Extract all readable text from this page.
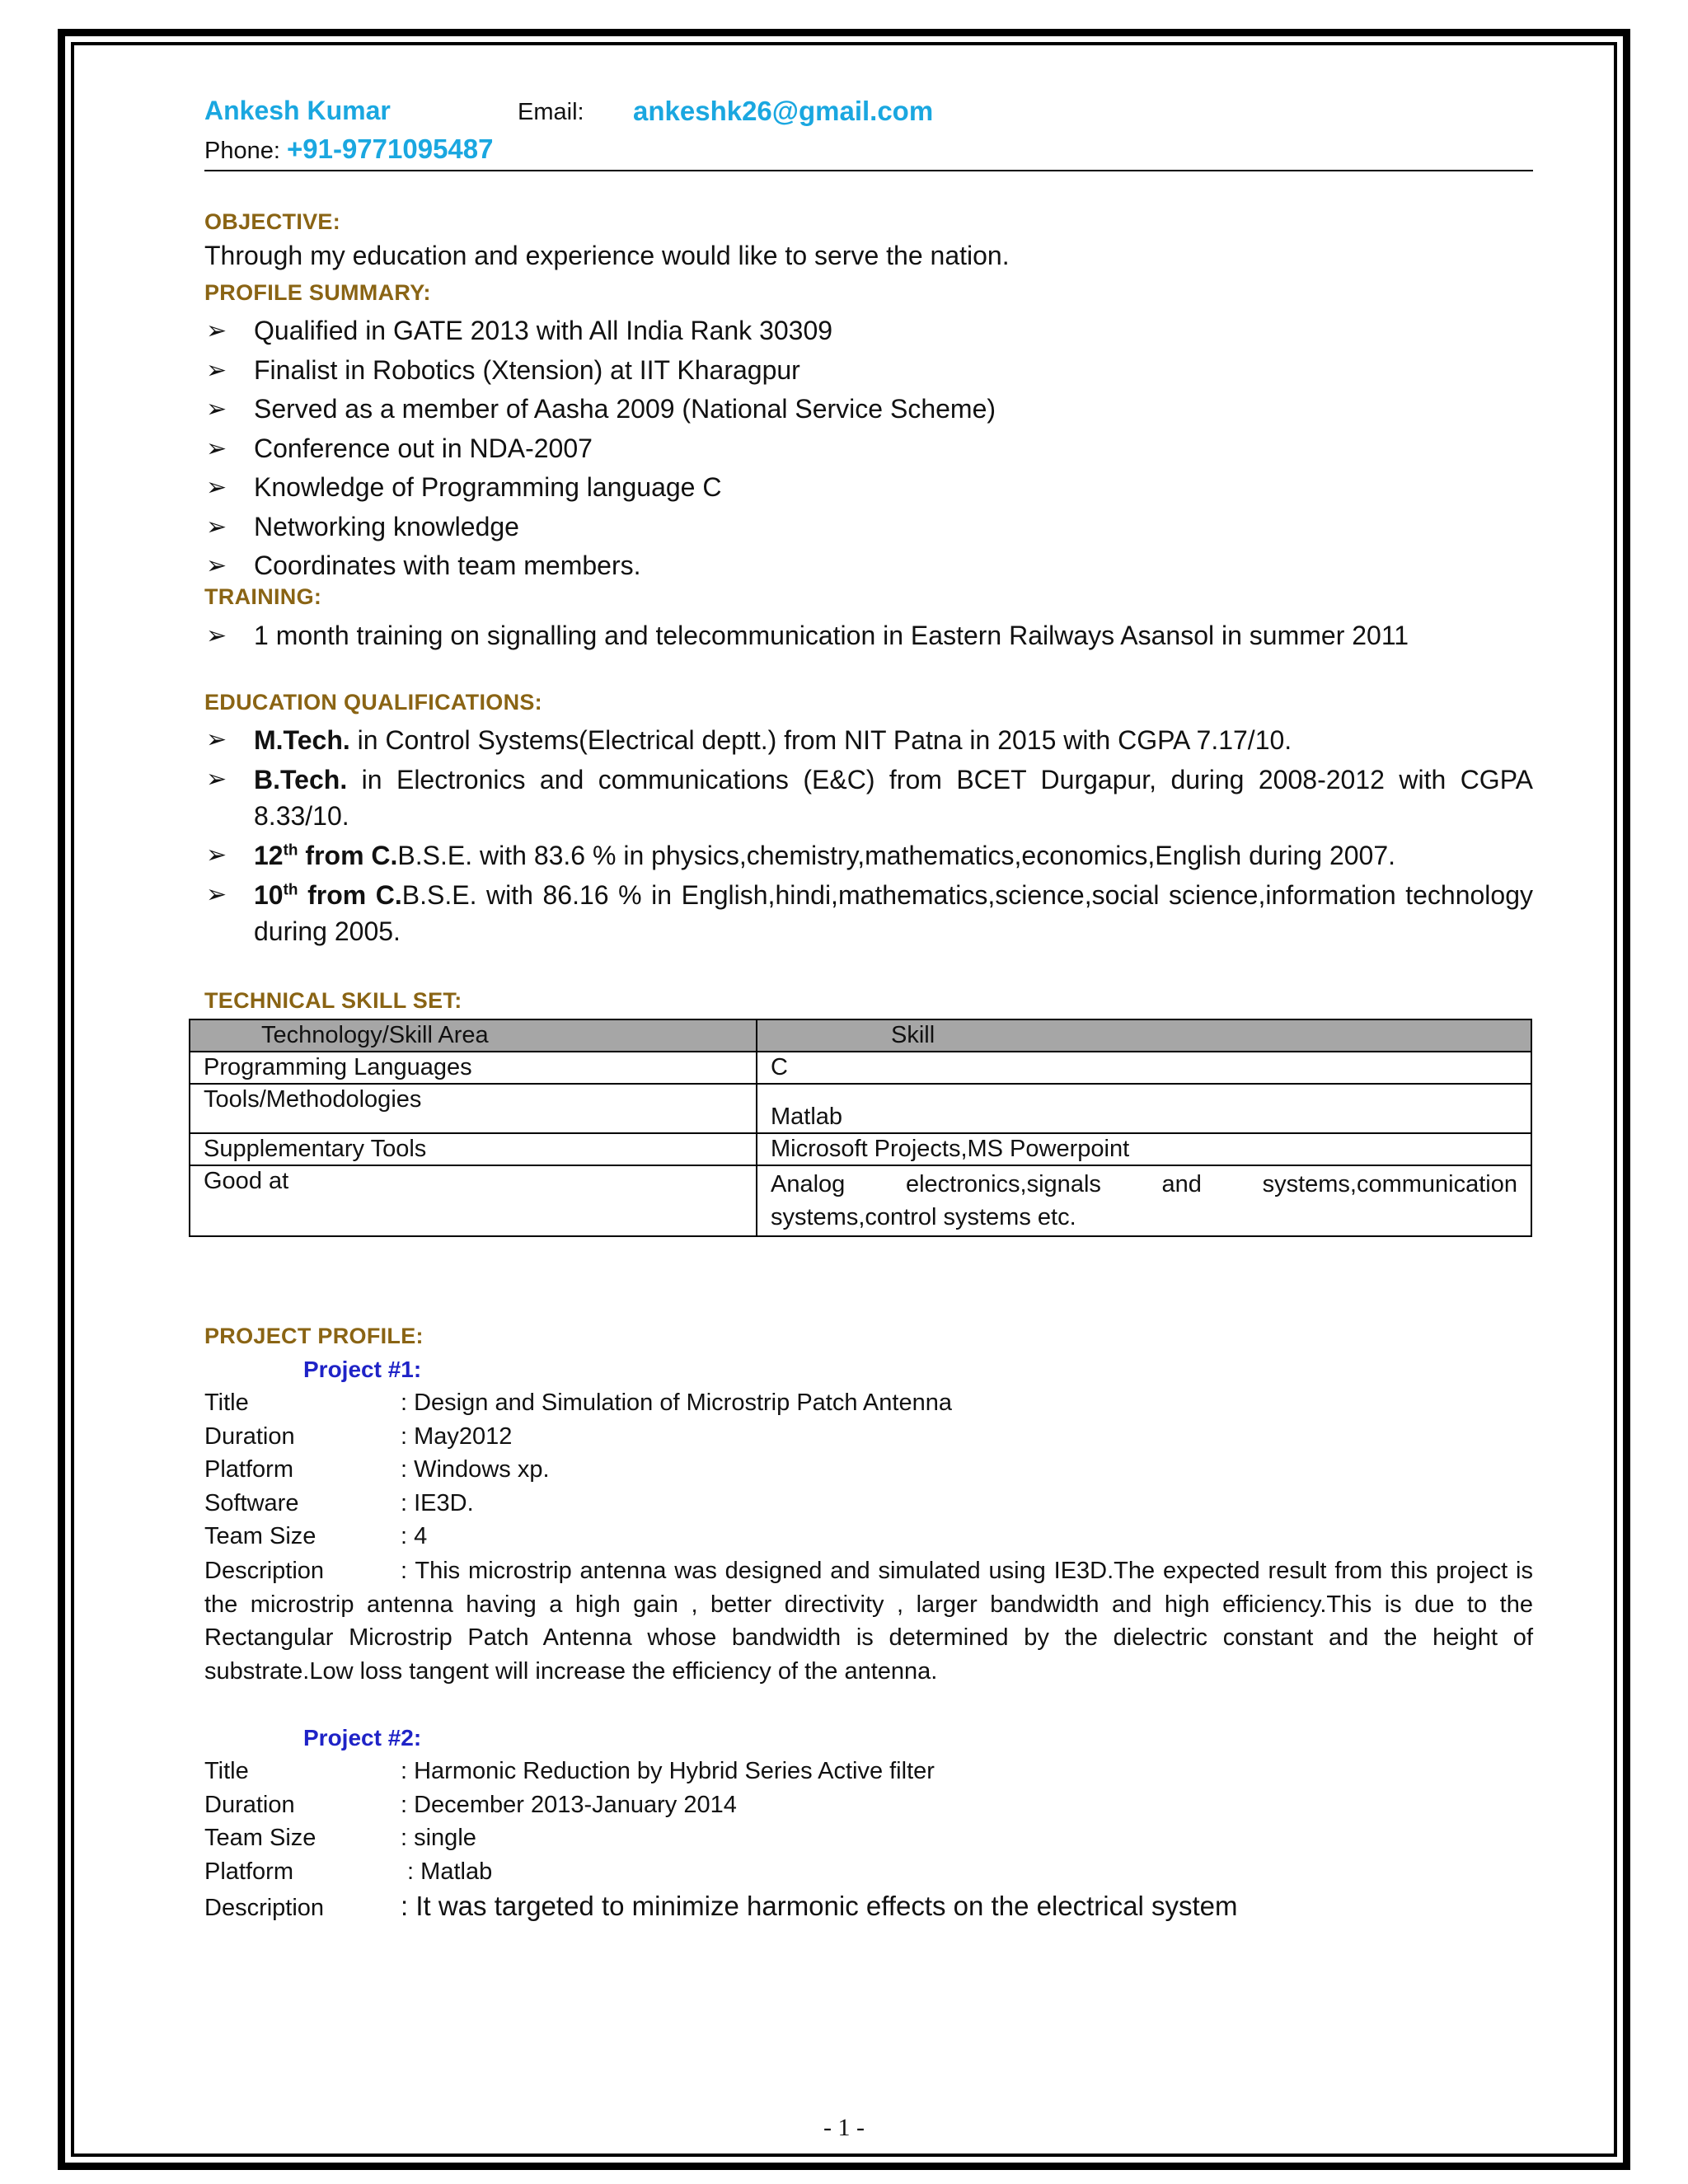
Ankesh Kumar	Email: ankeshk26@gmail.com
Phone: +91-9771095487
OBJECTIVE:
Through my education and experience would like to serve the nation.
PROFILE SUMMARY:
➢ Qualified in GATE 2013 with All India Rank 30309
➢ Finalist in Robotics (Xtension) at IIT Kharagpur
➢ Served as a member of Aasha 2009 (National Service Scheme)
➢ Conference out in NDA-2007
➢ Knowledge of Programming language C
➢ Networking knowledge
➢ Coordinates with team members.
TRAINING:
➢ 1 month training on signalling and telecommunication in Eastern Railways Asansol in summer 2011
EDUCATION QUALIFICATIONS:
➢ M.Tech. in Control Systems(Electrical deptt.) from NIT Patna in 2015 with CGPA 7.17/10.
➢ B.Tech. in Electronics and communications (E&C) from BCET Durgapur, during 2008-2012 with CGPA 8.33/10.
➢ 12th from C.B.S.E. with 83.6 % in physics,chemistry,mathematics,economics,English during 2007.
➢ 10th from C.B.S.E. with 86.16 % in English,hindi,mathematics,science,social science,information technology during 2005.
TECHNICAL SKILL SET:
Technology/Skill Area	Skill
Programming Languages	C
Tools/Methodologies	Matlab
Supplementary Tools	Microsoft Projects,MS Powerpoint
Good at	Analog electronics,signals and systems,communication systems,control systems etc.
PROJECT PROFILE:
Project #1:
Title	: Design and Simulation of Microstrip Patch Antenna
Duration	: May2012
Platform	: Windows xp.
Software	: IE3D.
Team Size	: 4
Description	: This microstrip antenna was designed and simulated using IE3D.The expected result from this project is the microstrip antenna having a high gain , better directivity , larger bandwidth and high efficiency.This is due to the Rectangular Microstrip Patch Antenna whose bandwidth is determined by the dielectric constant and the height of substrate.Low loss tangent will increase the efficiency of the antenna.
Project #2:
Title	: Harmonic Reduction by Hybrid Series Active filter
Duration	: December 2013-January 2014
Team Size	: single
Platform	: Matlab
Description	: It was targeted to minimize harmonic effects on the electrical system
- 1 -
